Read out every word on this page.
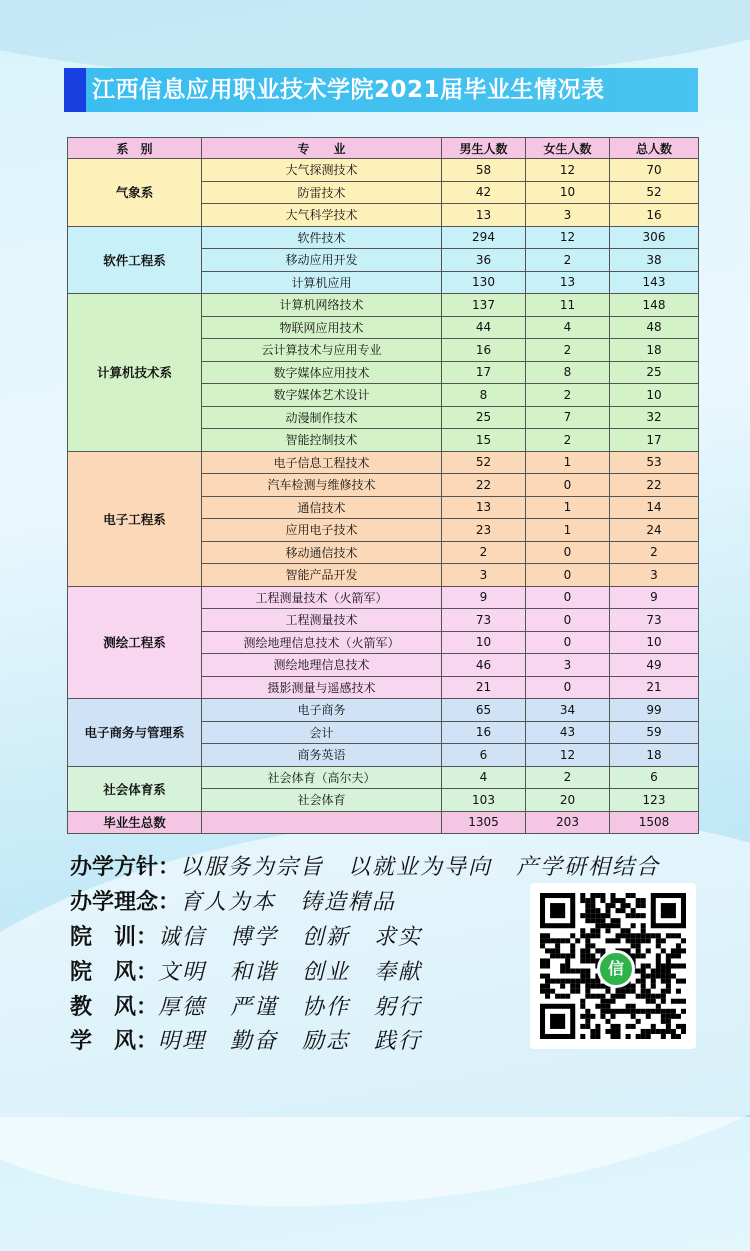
江西信息应用职业技术学院2021届毕业生情况表
系　别	专　　业	男生人数	女生人数	总人数
气象系	大气探测技术	58	12	70
	防雷技术	42	10	52
	大气科学技术	13	3	16
软件工程系	软件技术	294	12	306
	移动应用开发	36	2	38
	计算机应用	130	13	143
计算机技术系	计算机网络技术	137	11	148
	物联网应用技术	44	4	48
	云计算技术与应用专业	16	2	18
	数字媒体应用技术	17	8	25
	数字媒体艺术设计	8	2	10
	动漫制作技术	25	7	32
	智能控制技术	15	2	17
电子工程系	电子信息工程技术	52	1	53
	汽车检测与维修技术	22	0	22
	通信技术	13	1	14
	应用电子技术	23	1	24
	移动通信技术	2	0	2
	智能产品开发	3	0	3
测绘工程系	工程测量技术（火箭军）	9	0	9
	工程测量技术	73	0	73
	测绘地理信息技术（火箭军）	10	0	10
	测绘地理信息技术	46	3	49
	摄影测量与遥感技术	21	0	21
电子商务与管理系	电子商务	65	34	99
	会计	16	43	59
	商务英语	6	12	18
社会体育系	社会体育（高尔夫）	4	2	6
	社会体育	103	20	123
毕业生总数		1305	203	1508
办学方针：以服务为宗旨　以就业为导向　产学研相结合
办学理念：育人为本　铸造精品
院　训：诚信　博学　创新　求实
院　风：文明　和谐　创业　奉献
教　风：厚德　严谨　协作　躬行
学　风：明理　勤奋　励志　践行
信
